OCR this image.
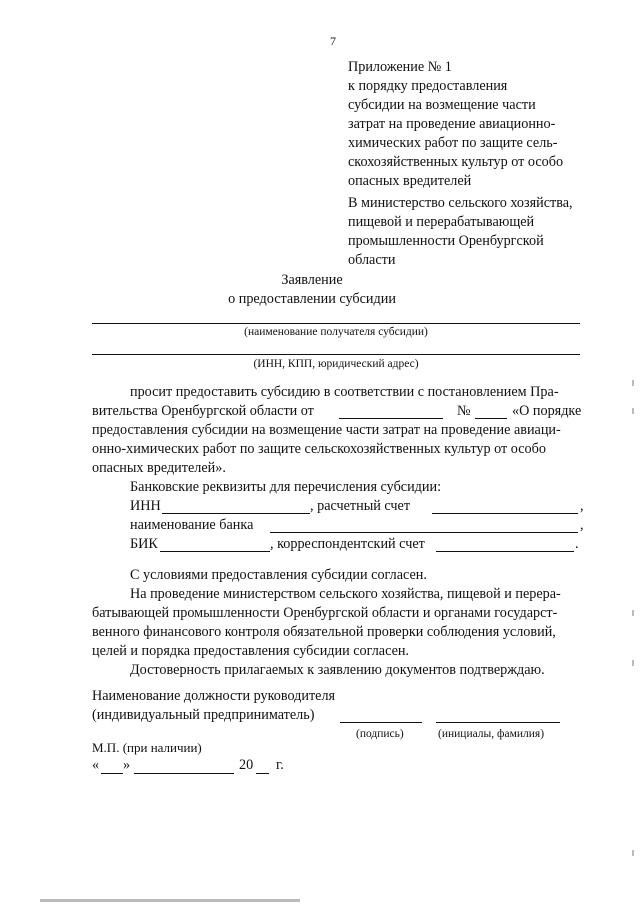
7
Приложение № 1
к порядку предоставления
субсидии на возмещение части
затрат на проведение авиационно-
химических работ по защите сель-
скохозяйственных культур от особо
опасных вредителей
В министерство сельского хозяйства,
пищевой и перерабатывающей
промышленности Оренбургской
области
Заявление
о предоставлении субсидии
(наименование получателя субсидии)
(ИНН, КПП, юридический адрес)
просит предоставить субсидию в соответствии с постановлением Пра-
вительства Оренбургской области от	№	«О порядке
предоставления субсидии на возмещение части затрат на проведение авиаци-
онно-химических работ по защите сельскохозяйственных культур от особо
опасных вредителей».
Банковские реквизиты для перечисления субсидии:
ИНН	, расчетный счет	,
наименование банка	,
БИК	, корреспондентский счет	.
С условиями предоставления субсидии согласен.
На проведение министерством сельского хозяйства, пищевой и перера-
батывающей промышленности Оренбургской области и органами государст-
венного финансового контроля обязательной проверки соблюдения условий,
целей и порядка предоставления субсидии согласен.
Достоверность прилагаемых к заявлению документов подтверждаю.
Наименование должности руководителя
(индивидуальный предприниматель)
(подпись)	(инициалы, фамилия)
М.П. (при наличии)
« »	20 г.
